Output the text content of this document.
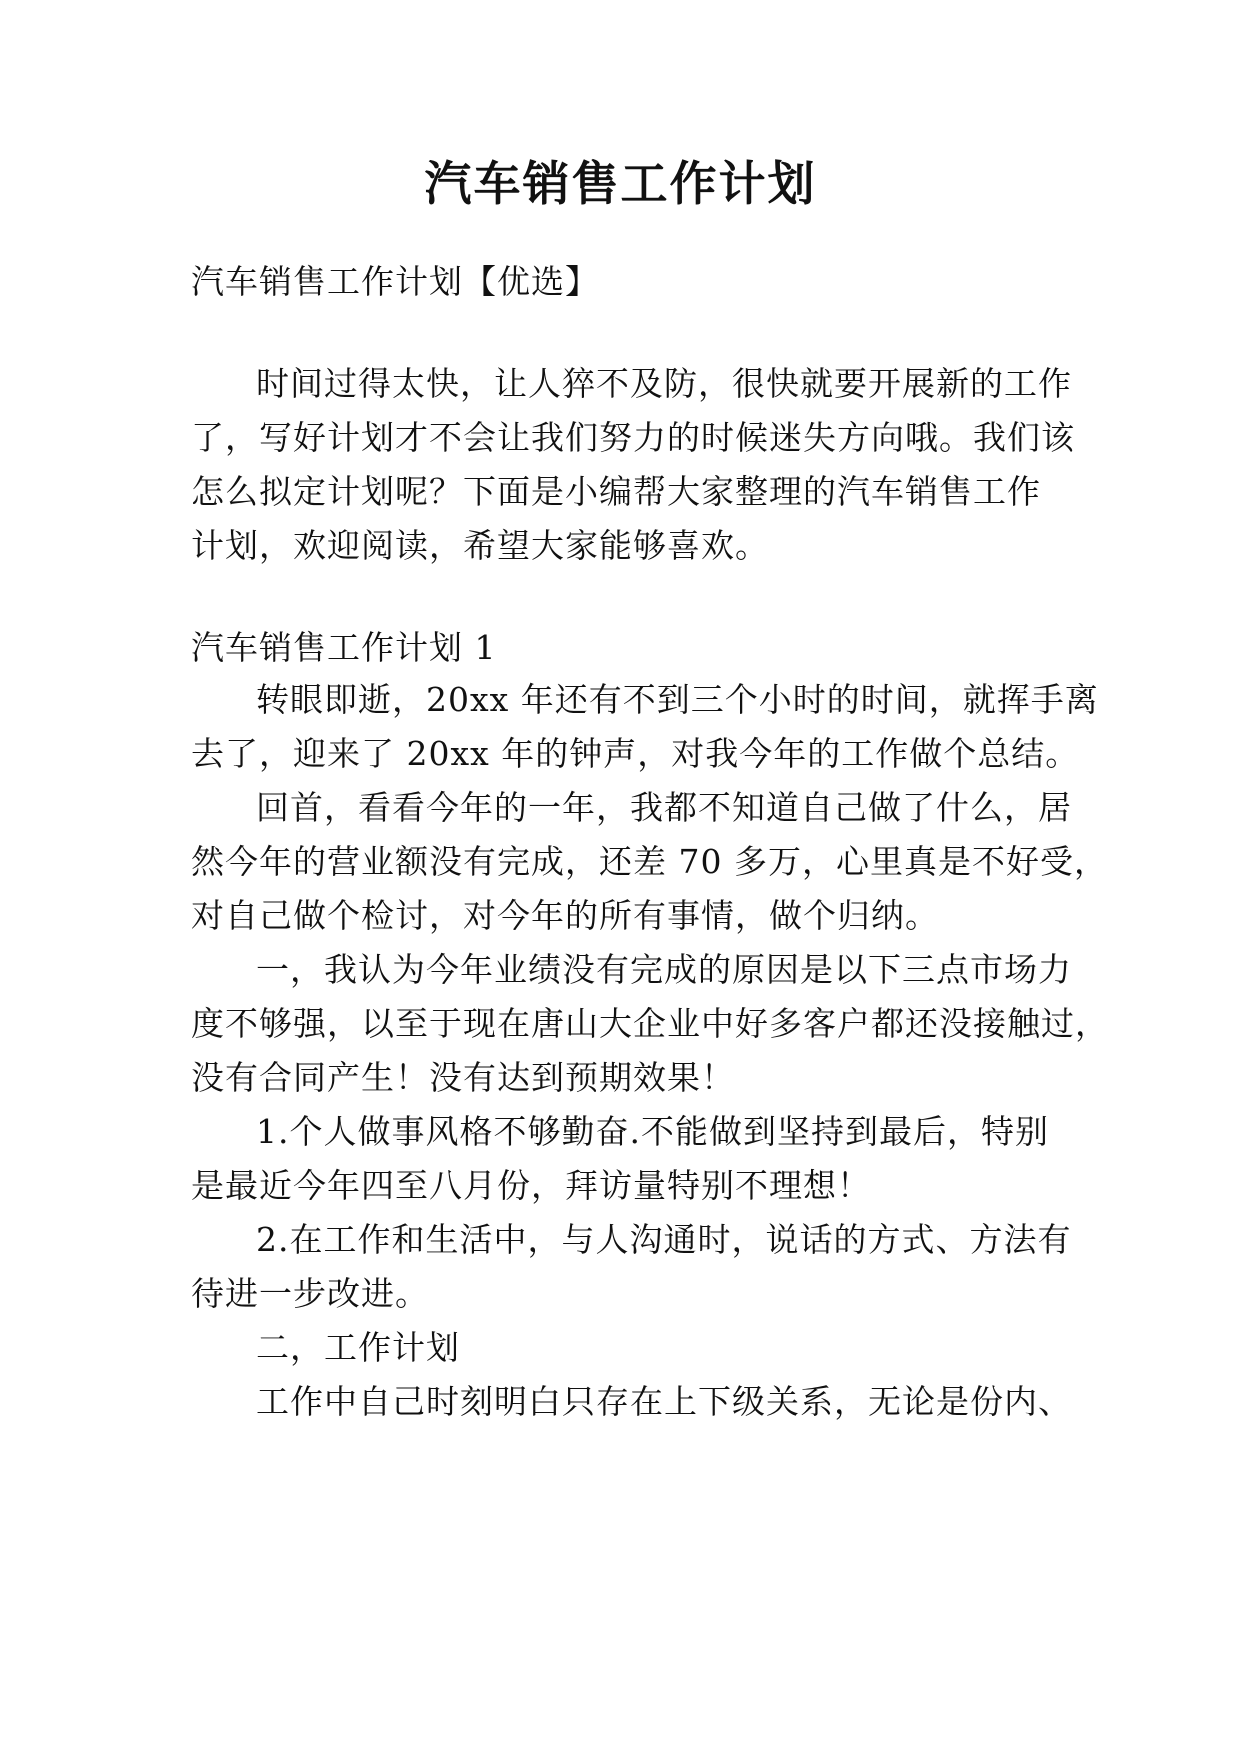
汽车销售工作计划
汽车销售工作计划【优选】
时间过得太快，让人猝不及防，很快就要开展新的工作
了，写好计划才不会让我们努力的时候迷失方向哦。我们该
怎么拟定计划呢？下面是小编帮大家整理的汽车销售工作
计划，欢迎阅读，希望大家能够喜欢。
汽车销售工作计划 1
转眼即逝，20xx 年还有不到三个小时的时间，就挥手离
去了，迎来了 20xx 年的钟声，对我今年的工作做个总结。
回首，看看今年的一年，我都不知道自己做了什么，居
然今年的营业额没有完成，还差 70 多万，心里真是不好受，
对自己做个检讨，对今年的所有事情，做个归纳。
一，我认为今年业绩没有完成的原因是以下三点市场力
度不够强，以至于现在唐山大企业中好多客户都还没接触过，
没有合同产生！没有达到预期效果！
1.个人做事风格不够勤奋.不能做到坚持到最后，特别
是最近今年四至八月份，拜访量特别不理想！
2.在工作和生活中，与人沟通时，说话的方式、方法有
待进一步改进。
二，工作计划
工作中自己时刻明白只存在上下级关系，无论是份内、
